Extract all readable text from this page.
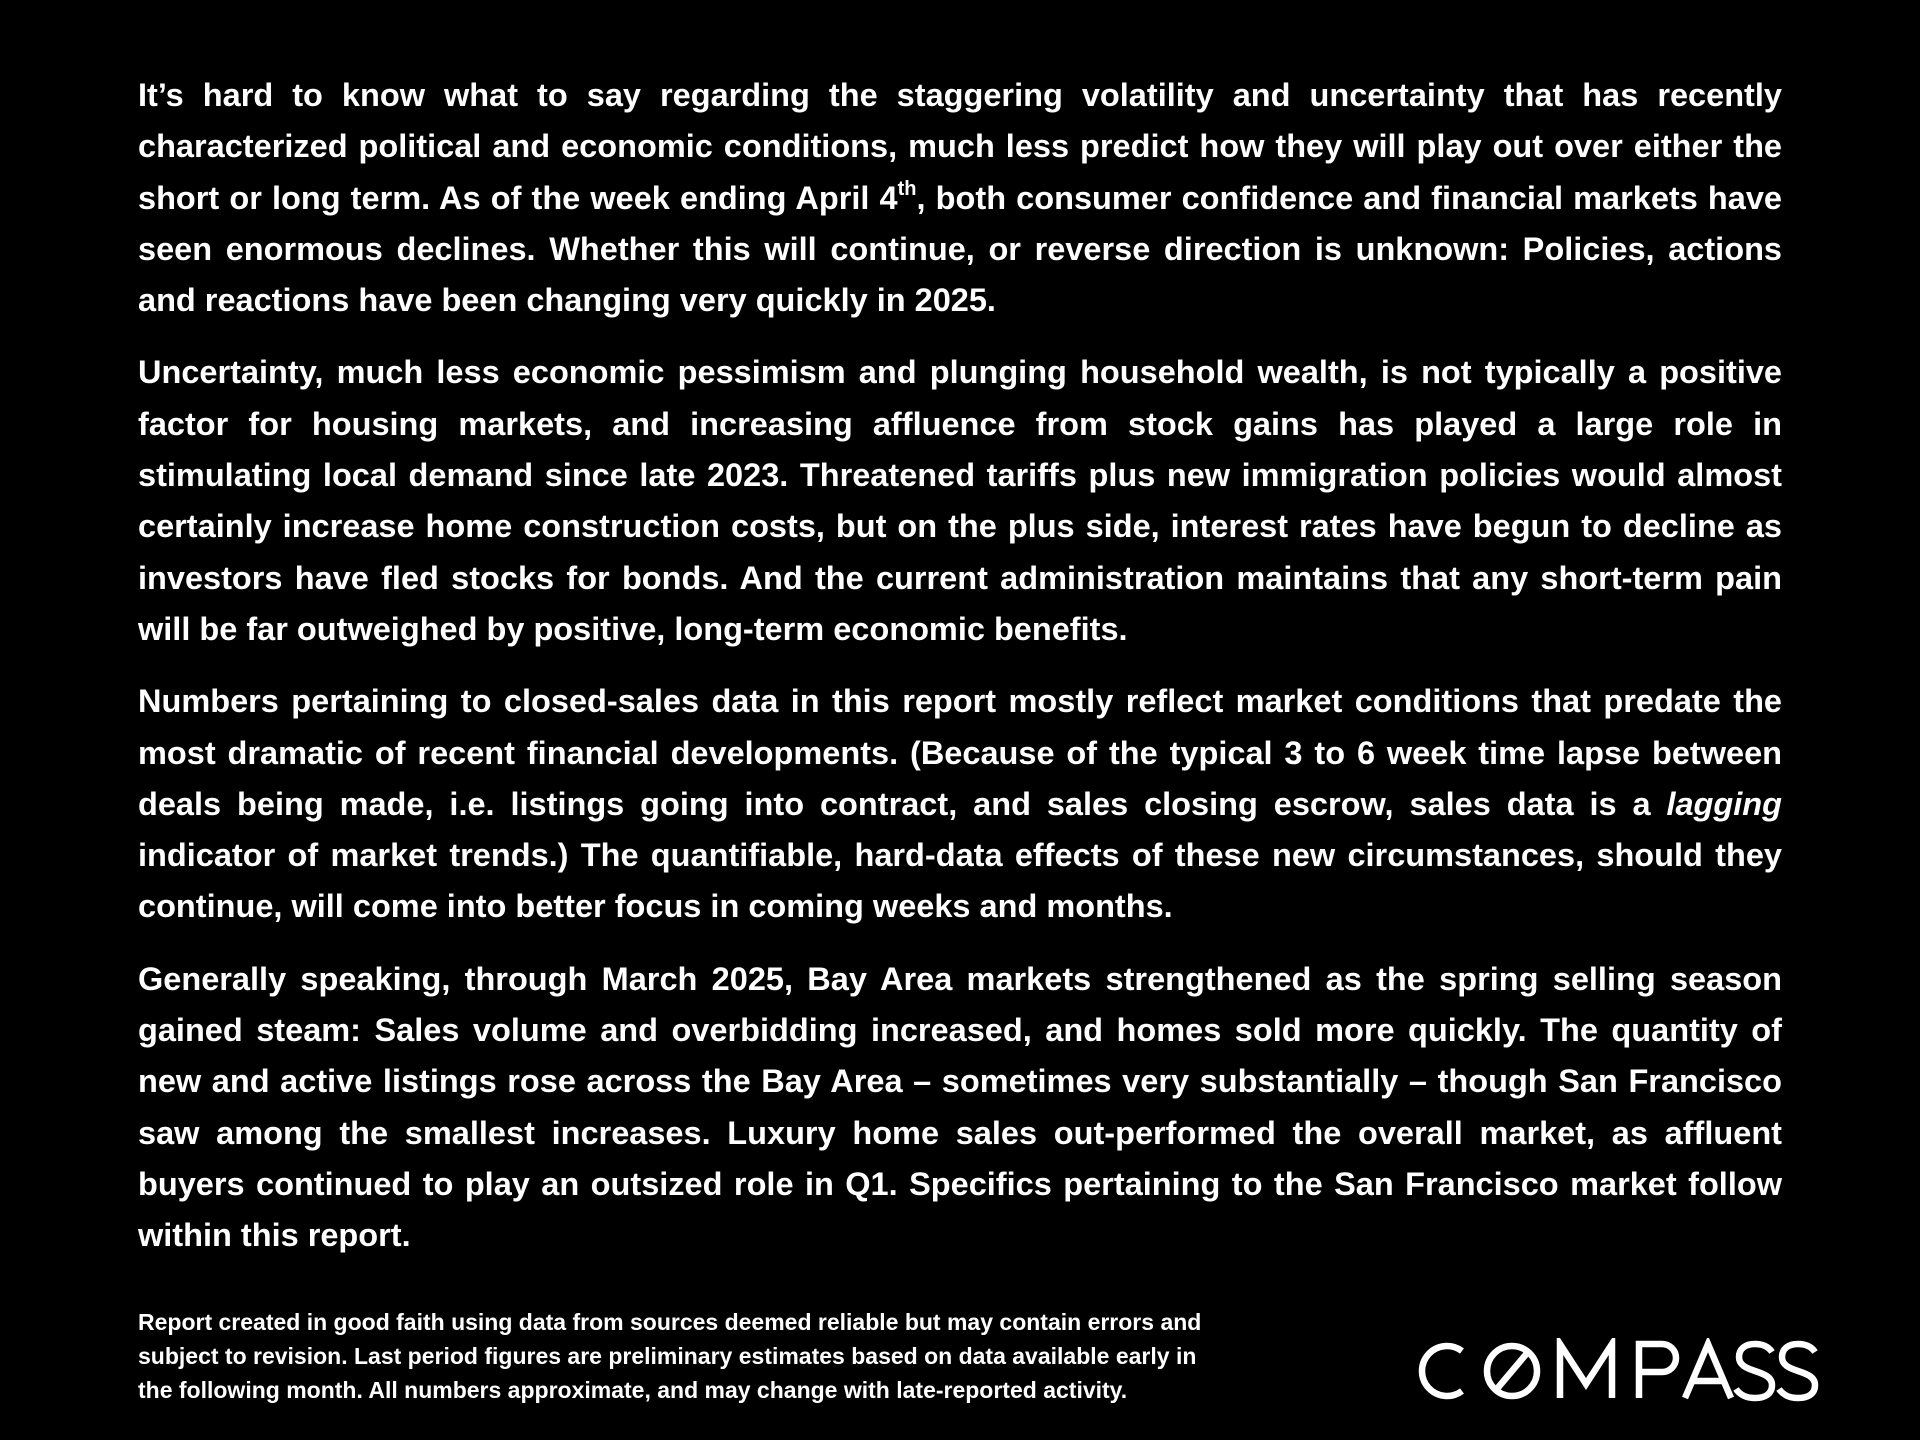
It’s hard to know what to say regarding the staggering volatility and uncertainty that has recently characterized political and economic conditions, much less predict how they will play out over either the short or long term. As of the week ending April 4th, both consumer confidence and financial markets have seen enormous declines. Whether this will continue, or reverse direction is unknown: Policies, actions and reactions have been changing very quickly in 2025.

Uncertainty, much less economic pessimism and plunging household wealth, is not typically a positive factor for housing markets, and increasing affluence from stock gains has played a large role in stimulating local demand since late 2023. Threatened tariffs plus new immigration policies would almost certainly increase home construction costs, but on the plus side, interest rates have begun to decline as investors have fled stocks for bonds. And the current administration maintains that any short-term pain will be far outweighed by positive, long-term economic benefits.

Numbers pertaining to closed-sales data in this report mostly reflect market conditions that predate the most dramatic of recent financial developments. (Because of the typical 3 to 6 week time lapse between deals being made, i.e. listings going into contract, and sales closing escrow, sales data is a lagging indicator of market trends.) The quantifiable, hard-data effects of these new circumstances, should they continue, will come into better focus in coming weeks and months.

Generally speaking, through March 2025, Bay Area markets strengthened as the spring selling season gained steam: Sales volume and overbidding increased, and homes sold more quickly. The quantity of new and active listings rose across the Bay Area – sometimes very substantially – though San Francisco saw among the smallest increases. Luxury home sales out-performed the overall market, as affluent buyers continued to play an outsized role in Q1. Specifics pertaining to the San Francisco market follow within this report.

Report created in good faith using data from sources deemed reliable but may contain errors and
subject to revision. Last period figures are preliminary estimates based on data available early in
the following month. All numbers approximate, and may change with late-reported activity.
